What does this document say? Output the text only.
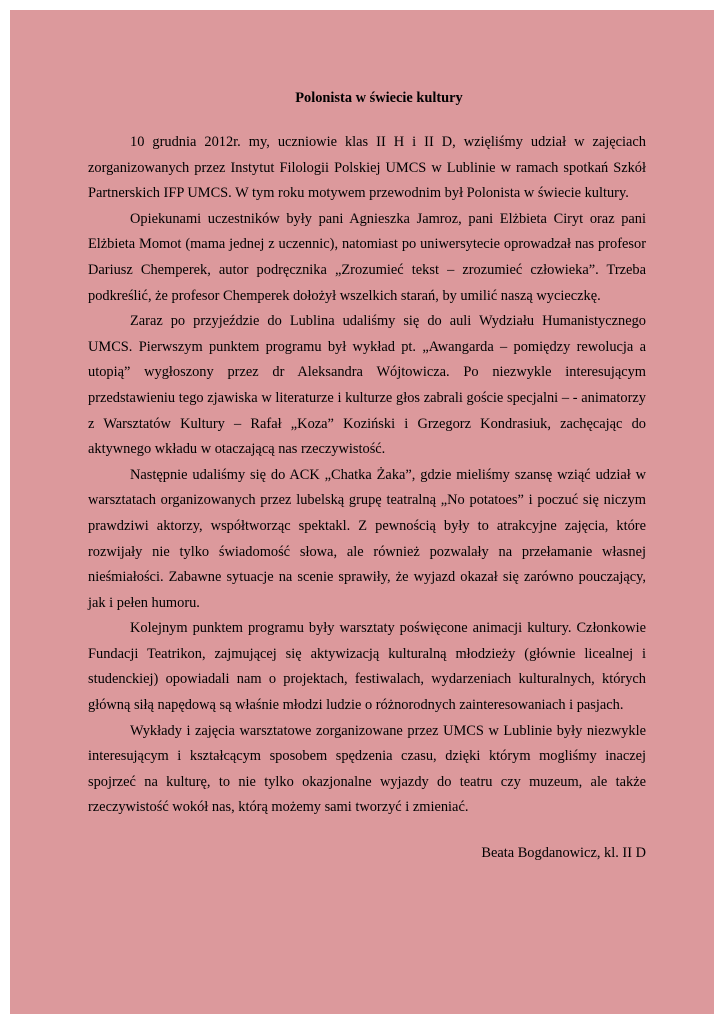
Polonista w świecie kultury

10 grudnia 2012r. my, uczniowie klas II H i II D, wzięliśmy udział w zajęciach zorganizowanych przez Instytut Filologii Polskiej UMCS w Lublinie w ramach spotkań Szkół Partnerskich IFP UMCS. W tym roku motywem przewodnim był Polonista w świecie kultury.

Opiekunami uczestników były pani Agnieszka Jamroz, pani Elżbieta Ciryt oraz pani Elżbieta Momot (mama jednej z uczennic), natomiast po uniwersytecie oprowadzał nas profesor Dariusz Chemperek, autor podręcznika „Zrozumieć tekst – zrozumieć człowieka”. Trzeba podkreślić, że profesor Chemperek dołożył wszelkich starań, by umilić naszą wycieczkę.

Zaraz po przyjeździe do Lublina udaliśmy się do auli Wydziału Humanistycznego UMCS. Pierwszym punktem programu był wykład pt. „Awangarda – pomiędzy rewolucja a utopią” wygłoszony przez dr Aleksandra Wójtowicza. Po niezwykle interesującym przedstawieniu tego zjawiska w literaturze i kulturze głos zabrali goście specjalni – - animatorzy z Warsztatów Kultury – Rafał „Koza” Koziński i Grzegorz Kondrasiuk, zachęcając do aktywnego wkładu w otaczającą nas rzeczywistość.

Następnie udaliśmy się do ACK „Chatka Żaka”, gdzie mieliśmy szansę wziąć udział w warsztatach organizowanych przez lubelską grupę teatralną „No potatoes” i poczuć się niczym prawdziwi aktorzy, współtworząc spektakl. Z pewnością były to atrakcyjne zajęcia, które rozwijały nie tylko świadomość słowa, ale również pozwalały na przełamanie własnej nieśmiałości. Zabawne sytuacje na scenie sprawiły, że wyjazd okazał się zarówno pouczający, jak i pełen humoru.

Kolejnym punktem programu były warsztaty poświęcone animacji kultury. Członkowie Fundacji Teatrikon, zajmującej się aktywizacją kulturalną młodzieży (głównie licealnej i studenckiej) opowiadali nam o projektach, festiwalach, wydarzeniach kulturalnych, których główną siłą napędową są właśnie młodzi ludzie o różnorodnych zainteresowaniach i pasjach.

Wykłady i zajęcia warsztatowe zorganizowane przez UMCS w Lublinie były niezwykle interesującym i kształcącym sposobem spędzenia czasu, dzięki którym mogliśmy inaczej spojrzeć na kulturę, to nie tylko okazjonalne wyjazdy do teatru czy muzeum, ale także rzeczywistość wokół nas, którą możemy sami tworzyć i zmieniać.

Beata Bogdanowicz, kl. II D
